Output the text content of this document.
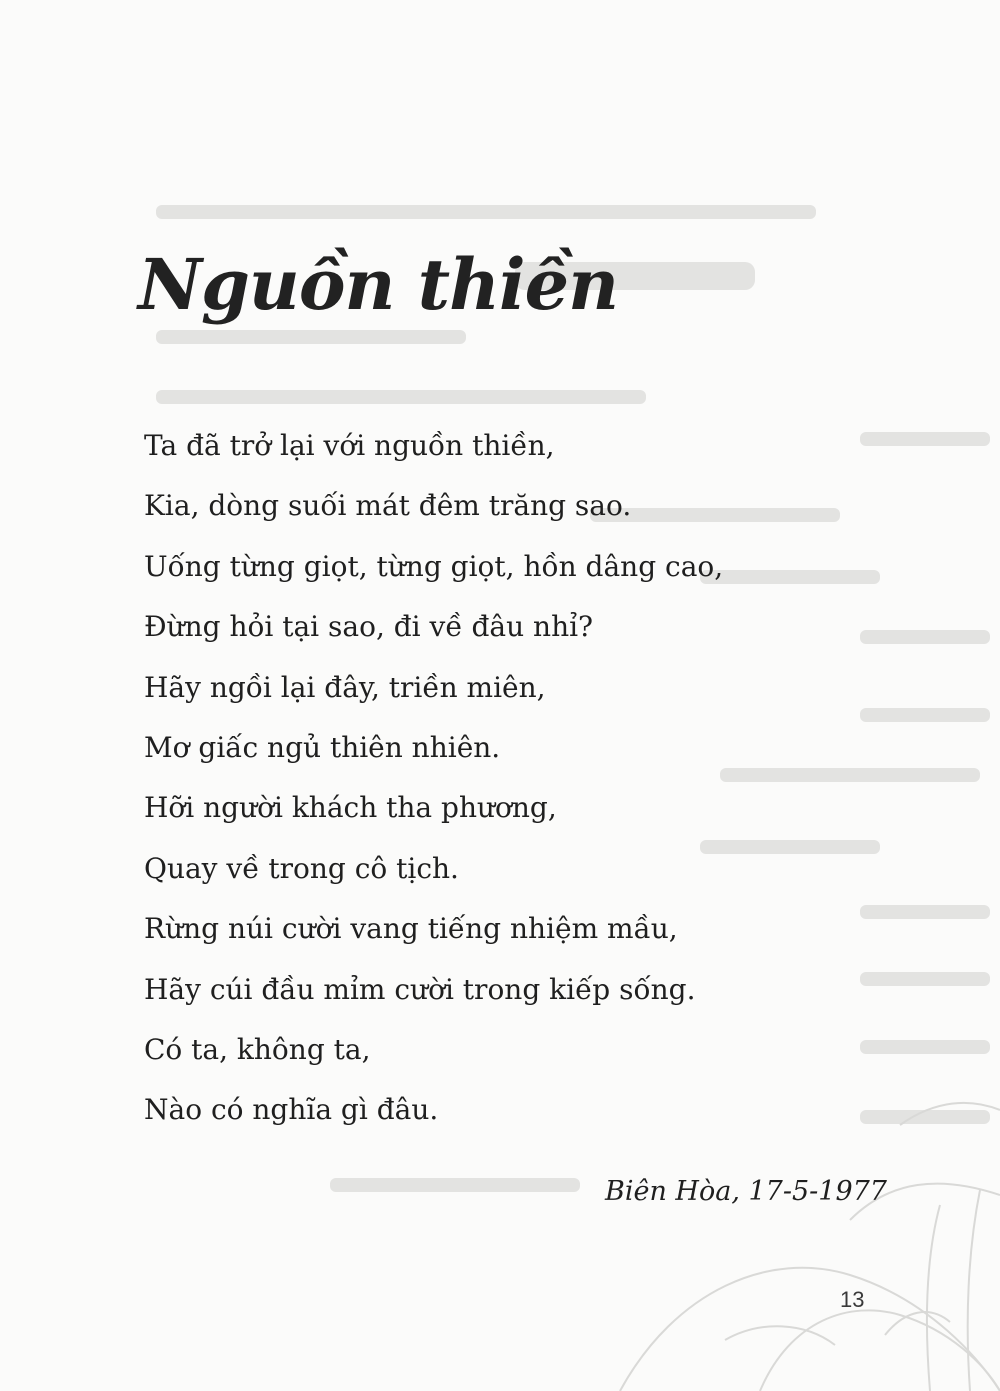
Nguồn thiền
Ta đã trở lại với nguồn thiền,
Kia, dòng suối mát đêm trăng sao.
Uống từng giọt, từng giọt, hồn dâng cao,
Đừng hỏi tại sao, đi về đâu nhỉ?
Hãy ngồi lại đây, triền miên,
Mơ giấc ngủ thiên nhiên.
Hỡi người khách tha phương,
Quay về trong cô tịch.
Rừng núi cười vang tiếng nhiệm mầu,
Hãy cúi đầu mỉm cười trong kiếp sống.
Có ta, không ta,
Nào có nghĩa gì đâu.
Biên Hòa, 17-5-1977
13
